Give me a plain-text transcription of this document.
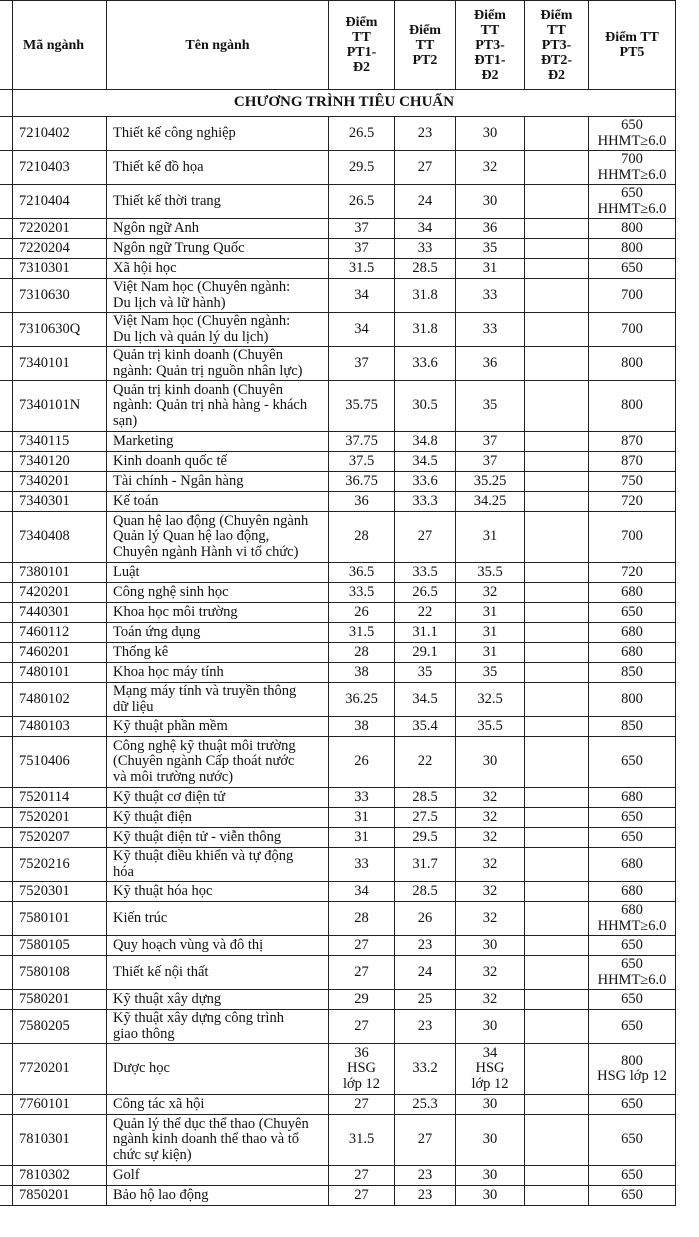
	Mã ngành	Tên ngành	Điểm
TT
PT1-
Đ2	Điểm
TT
PT2	Điểm
TT
PT3-
ĐT1-
Đ2	Điểm
TT
PT3-
ĐT2-
Đ2	Điểm TT
PT5

	CHƯƠNG TRÌNH TIÊU CHUẨN						
	7210402	Thiết kế công nghiệp	26.5	23	30		650
HHMT≥6.0

	7210403	Thiết kế đồ họa	29.5	27	32		700
HHMT≥6.0

	7210404	Thiết kế thời trang	26.5	24	30		650
HHMT≥6.0

	7220201	Ngôn ngữ Anh	37	34	36		800

	7220204	Ngôn ngữ Trung Quốc	37	33	35		800

	7310301	Xã hội học	31.5	28.5	31		650

	7310630	Việt Nam học (Chuyên ngành:
Du lịch và lữ hành)	34	31.8	33		700

	7310630Q	Việt Nam học (Chuyên ngành:
Du lịch và quản lý du lịch)	34	31.8	33		700

	7340101	Quản trị kinh doanh (Chuyên
ngành: Quản trị nguồn nhân lực)	37	33.6	36		800

	7340101N	Quản trị kinh doanh (Chuyên
ngành: Quản trị nhà hàng - khách
sạn)	35.75	30.5	35		800

	7340115	Marketing	37.75	34.8	37		870

	7340120	Kinh doanh quốc tế	37.5	34.5	37		870

	7340201	Tài chính - Ngân hàng	36.75	33.6	35.25		750

	7340301	Kế toán	36	33.3	34.25		720

	7340408	Quan hệ lao động (Chuyên ngành
Quản lý Quan hệ lao động,
Chuyên ngành Hành vi tổ chức)	28	27	31		700

	7380101	Luật	36.5	33.5	35.5		720

	7420201	Công nghệ sinh học	33.5	26.5	32		680

	7440301	Khoa học môi trường	26	22	31		650

	7460112	Toán ứng dụng	31.5	31.1	31		680

	7460201	Thống kê	28	29.1	31		680

	7480101	Khoa học máy tính	38	35	35		850

	7480102	Mạng máy tính và truyền thông
dữ liệu	36.25	34.5	32.5		800

	7480103	Kỹ thuật phần mềm	38	35.4	35.5		850

	7510406	Công nghệ kỹ thuật môi trường
(Chuyên ngành Cấp thoát nước
và môi trường nước)	26	22	30		650

	7520114	Kỹ thuật cơ điện tử	33	28.5	32		680

	7520201	Kỹ thuật điện	31	27.5	32		650

	7520207	Kỹ thuật điện tử - viễn thông	31	29.5	32		650

	7520216	Kỹ thuật điều khiển và tự động
hóa	33	31.7	32		680

	7520301	Kỹ thuật hóa học	34	28.5	32		680

	7580101	Kiến trúc	28	26	32		680
HHMT≥6.0

	7580105	Quy hoạch vùng và đô thị	27	23	30		650

	7580108	Thiết kế nội thất	27	24	32		650
HHMT≥6.0

	7580201	Kỹ thuật xây dựng	29	25	32		650

	7580205	Kỹ thuật xây dựng công trình
giao thông	27	23	30		650

	7720201	Dược học	36
HSG
lớp 12	33.2	34
HSG
lớp 12		800
HSG lớp 12

	7760101	Công tác xã hội	27	25.3	30		650

	7810301	Quản lý thể dục thể thao (Chuyên
ngành kinh doanh thể thao và tổ
chức sự kiện)	31.5	27	30		650

	7810302	Golf	27	23	30		650

	7850201	Bảo hộ lao động	27	23	30		650
